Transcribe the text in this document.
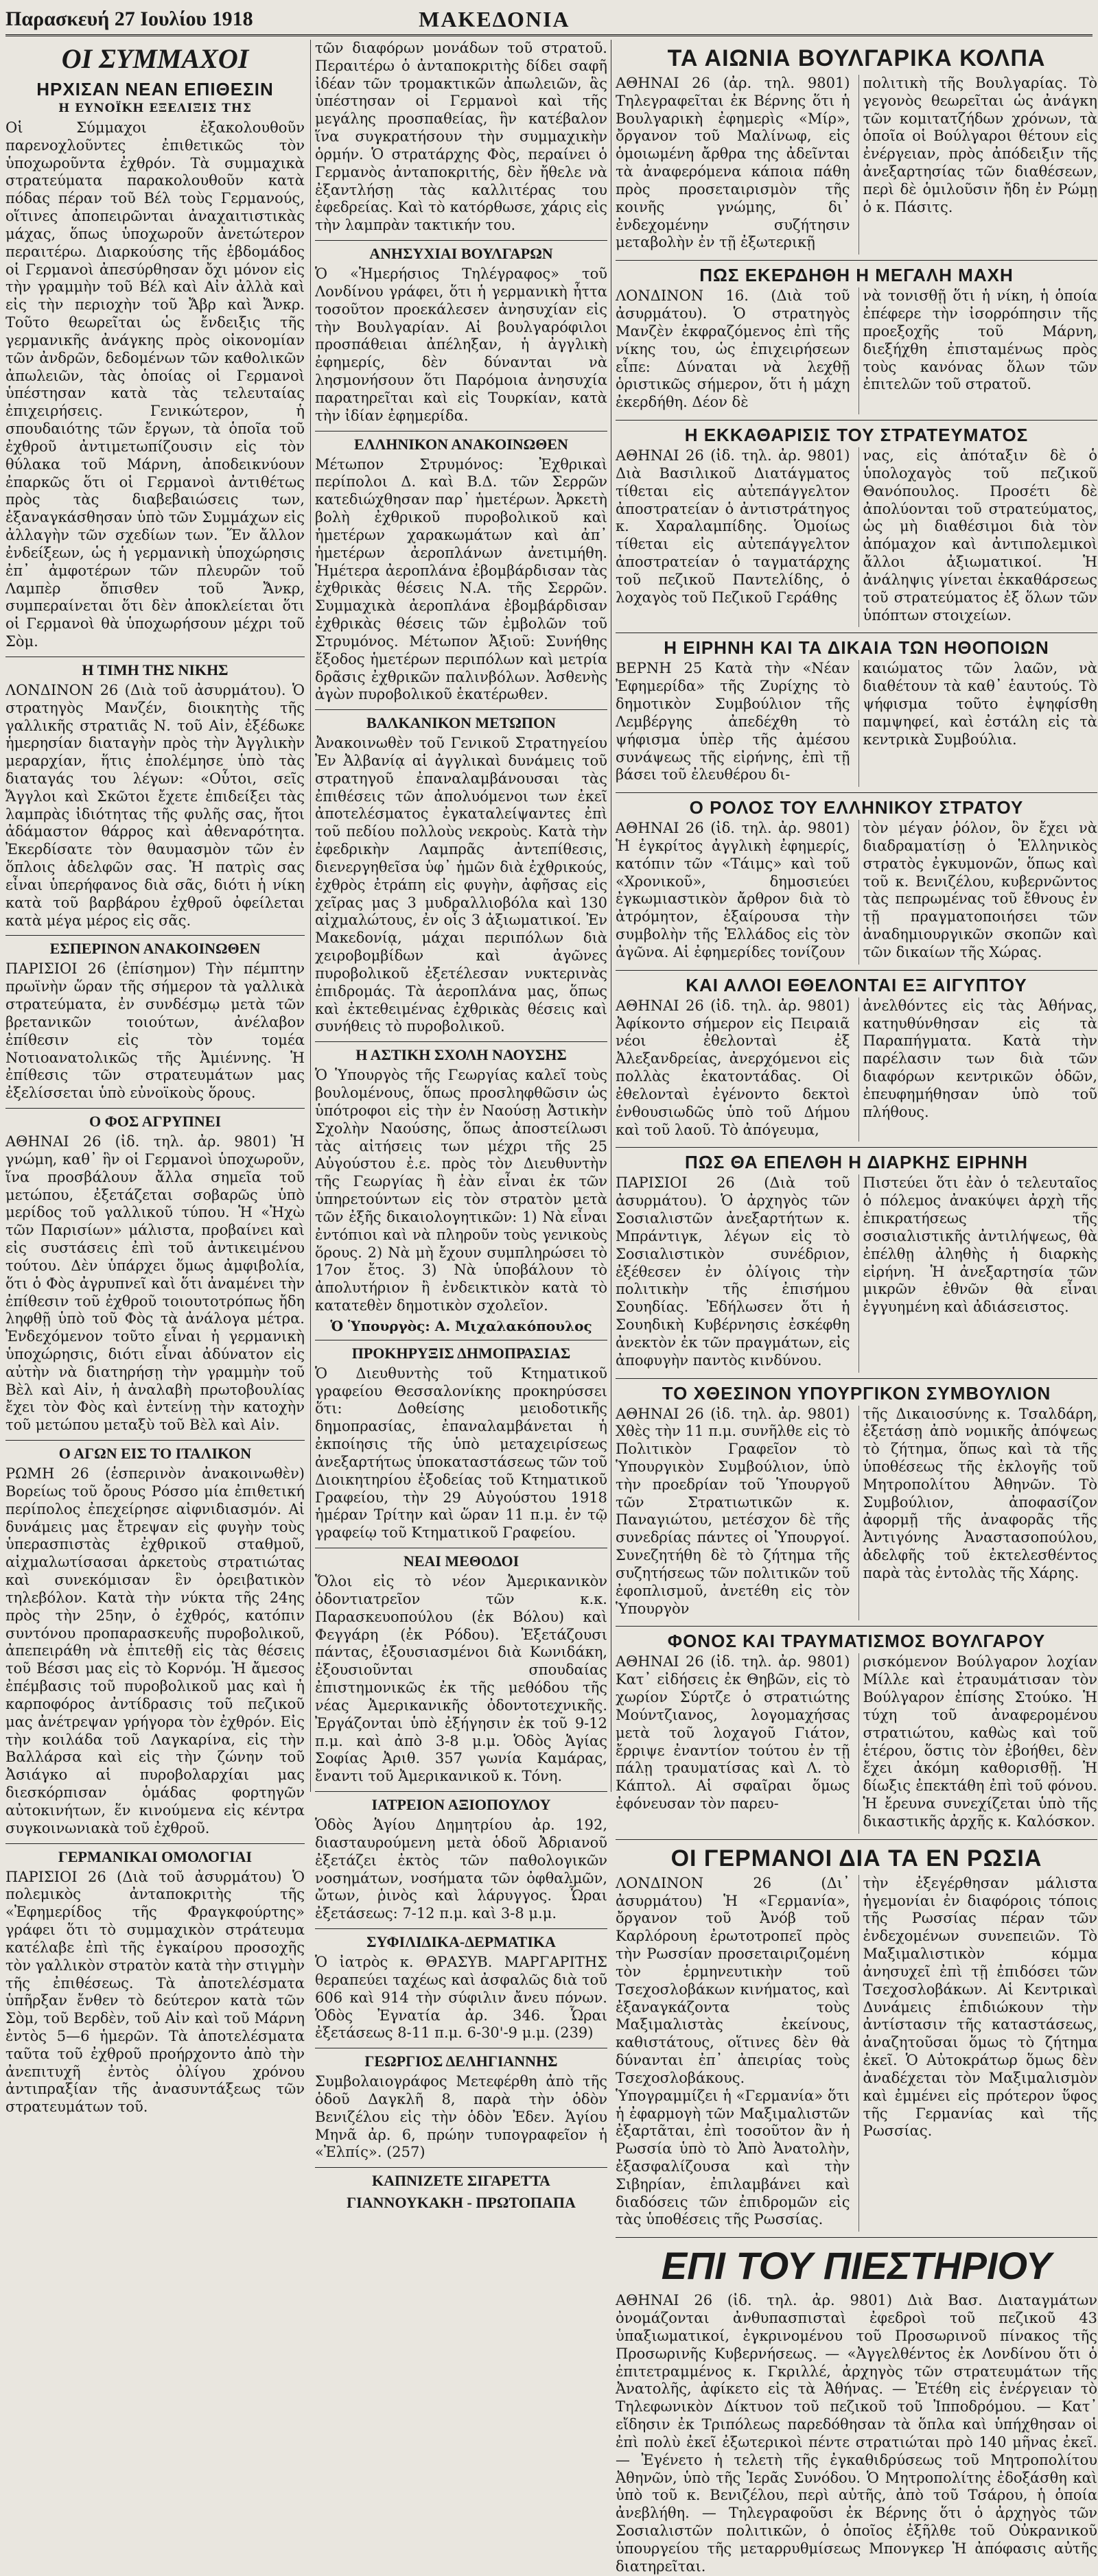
Παρασκευή 27 Ιουλίου 1918	ΜΑΚΕΔΟΝΙΑ
ΟΙ ΣΥΜΜΑΧΟΙ
ΗΡΧΙΣΑΝ ΝΕΑΝ ΕΠΙΘΕΣΙΝ
Η ΕΥΝΟΪΚΗ ΕΞΕΛΙΞΙΣ ΤΗΣ

Οἱ Σύμμαχοι ἐξακολουθοῦν παρενοχλοῦντες ἐπιθετικῶς τὸν ὑποχωροῦντα ἐχθρόν. Τὰ συμμαχικὰ στρατεύματα παρακολουθοῦν κατὰ πόδας πέραν τοῦ Βέλ τοὺς Γερμανούς, οἵτινες ἀποπειρῶνται ἀναχαιτιστικὰς μάχας, ὅπως ὑποχωροῦν ἀνετώτερον περαιτέρω. Διαρκούσης τῆς ἑβδομάδος οἱ Γερμανοὶ ἀπεσύρθησαν ὄχι μόνον εἰς τὴν γραμμὴν τοῦ Βέλ καὶ Αἰν ἀλλὰ καὶ εἰς τὴν περιοχὴν τοῦ Ἄβρ καὶ Ἄνκρ. Τοῦτο θεωρεῖται ὡς ἔνδειξις τῆς γερμανικῆς ἀνάγκης πρὸς οἰκονομίαν τῶν ἀνδρῶν, δεδομένων τῶν καθολικῶν ἀπωλειῶν, τὰς ὁποίας οἱ Γερμανοὶ ὑπέστησαν κατὰ τὰς τελευταίας ἐπιχειρήσεις. Γενικώτερον, ἡ σπουδαιότης τῶν ἔργων, τὰ ὁποῖα τοῦ ἐχθροῦ ἀντιμετωπίζουσιν εἰς τὸν θύλακα τοῦ Μάρνη, ἀποδεικνύουν ἐπαρκῶς ὅτι οἱ Γερμανοὶ ἀντιθέτως πρὸς τὰς διαβεβαιώσεις των, ἐξαναγκάσθησαν ὑπὸ τῶν Συμμάχων εἰς ἀλλαγὴν τῶν σχεδίων των. Ἕν ἄλλον ἐνδείξεων, ὡς ἡ γερμανικὴ ὑποχώρησις ἐπ᾽ ἀμφοτέρων τῶν πλευρῶν τοῦ Λαμπὲρ ὄπισθεν τοῦ Ἄνκρ, συμπεραίνεται ὅτι δὲν ἀποκλείεται ὅτι οἱ Γερμανοὶ θὰ ὑποχωρήσουν μέχρι τοῦ Σὸμ.

Η ΤΙΜΗ ΤΗΣ ΝΙΚΗΣ

ΛΟΝΔΙΝΟΝ 26 (Διὰ τοῦ ἀσυρμάτου). Ὁ στρατηγὸς Μανζέν, διοικητὴς τῆς γαλλικῆς στρατιᾶς Ν. τοῦ Αἰν, ἐξέδωκε ἡμερησίαν διαταγὴν πρὸς τὴν Ἀγγλικὴν μεραρχίαν, ἥτις ἐπολέμησε ὑπὸ τὰς διαταγάς του λέγων: «Οὗτοι, σεῖς Ἄγγλοι καὶ Σκῶτοι ἔχετε ἐπιδείξει τὰς λαμπρὰς ἰδιότητας τῆς φυλῆς σας, ἤτοι ἀδάμαστον θάρρος καὶ ἀθεναρότητα. Ἐκερδίσατε τὸν θαυμασμὸν τῶν ἐν ὅπλοις ἀδελφῶν σας. Ἡ πατρὶς σας εἶναι ὑπερήφανος διὰ σᾶς, διότι ἡ νίκη κατὰ τοῦ βαρβάρου ἐχθροῦ ὀφείλεται κατὰ μέγα μέρος εἰς σᾶς.

ΕΣΠΕΡΙΝΟΝ ΑΝΑΚΟΙΝΩΘΕΝ

ΠΑΡΙΣΙΟΙ 26 (ἐπίσημον) Τὴν πέμπτην πρωϊνὴν ὥραν τῆς σήμερον τὰ γαλλικὰ στρατεύματα, ἐν συνδέσμῳ μετὰ τῶν βρετανικῶν τοιούτων, ἀνέλαβον ἐπίθεσιν εἰς τὸν τομέα Νοτιοανατολικῶς τῆς Ἀμιέννης. Ἡ ἐπίθεσις τῶν στρατευμάτων μας ἐξελίσσεται ὑπὸ εὐνοϊκοὺς ὅρους.

Ο ΦΟΣ ΑΓΡΥΠΝΕΙ

ΑΘΗΝΑΙ 26 (ἰδ. τηλ. ἀρ. 9801) Ἡ γνώμη, καθ᾽ ἣν οἱ Γερμανοὶ ὑποχωροῦν, ἵνα προσβάλουν ἄλλα σημεῖα τοῦ μετώπου, ἐξετάζεται σοβαρῶς ὑπὸ μερίδος τοῦ γαλλικοῦ τύπου. Ἡ «Ἠχὼ τῶν Παρισίων» μάλιστα, προβαίνει καὶ εἰς συστάσεις ἐπὶ τοῦ ἀντικειμένου τούτου. Δὲν ὑπάρχει ὅμως ἀμφιβολία, ὅτι ὁ Φὸς ἀγρυπνεῖ καὶ ὅτι ἀναμένει τὴν ἐπίθεσιν τοῦ ἐχθροῦ τοιουτοτρόπως ἤδη ληφθῇ ὑπὸ τοῦ Φὸς τὰ ἀνάλογα μέτρα. Ἐνδεχόμενον τοῦτο εἶναι ἡ γερμανικὴ ὑποχώρησις, διότι εἶναι ἀδύνατον εἰς αὐτὴν νὰ διατηρήσῃ τὴν γραμμὴν τοῦ Βὲλ καὶ Αἰν, ἡ ἀναλαβὴ πρωτοβουλίας ἔχει τὸν Φὸς καὶ ἐντείνῃ τὴν κατοχὴν τοῦ μετώπου μεταξὺ τοῦ Βὲλ καὶ Αἰν.

Ο ΑΓΩΝ ΕΙΣ ΤΟ ΙΤΑΛΙΚΟΝ

ΡΩΜΗ 26 (ἑσπερινὸν ἀνακοινωθὲν) Βορείως τοῦ ὄρους Ρόσσο μία ἐπιθετική περίπολος ἐπεχείρησε αἰφνιδιασμόν. Αἱ δυνάμεις μας ἔτρεψαν εἰς φυγὴν τοὺς ὑπερασπιστὰς ἐχθρικοῦ σταθμοῦ, αἰχμαλωτίσασαι ἀρκετοὺς στρατιώτας καὶ συνεκόμισαν ἓν ὀρειβατικὸν τηλεβόλον. Κατὰ τὴν νύκτα τῆς 24ης πρὸς τὴν 25ην, ὁ ἐχθρός, κατόπιν συντόνου προπαρασκευῆς πυροβολικοῦ, ἀπεπειράθη νὰ ἐπιτεθῇ εἰς τὰς θέσεις τοῦ Βέσσι μας εἰς τὸ Κορνόμ. Ἡ ἄμεσος ἐπέμβασις τοῦ πυροβολικοῦ μας καὶ ἡ καρποφόρος ἀντίδρασις τοῦ πεζικοῦ μας ἀνέτρεψαν γρήγορα τὸν ἐχθρόν. Εἰς τὴν κοιλάδα τοῦ Λαγκαρίνα, εἰς τὴν Βαλλάρσα καὶ εἰς τὴν ζώνην τοῦ Ἀσιάγκο αἱ πυροβολαρχίαι μας διεσκόρπισαν ὁμάδας φορτηγῶν αὐτοκινήτων, ἕν κινούμενα εἰς κέντρα συγκοινωνιακὰ τοῦ ἐχθροῦ.

ΓΕΡΜΑΝΙΚΑΙ ΟΜΟΛΟΓΙΑΙ

ΠΑΡΙΣΙΟΙ 26 (Διὰ τοῦ ἀσυρμάτου) Ὁ πολεμικὸς ἀνταποκριτὴς τῆς «Ἐφημερίδος τῆς Φραγκφούρτης» γράφει ὅτι τὸ συμμαχικὸν στράτευμα κατέλαβε ἐπὶ τῆς ἐγκαίρου προσοχῆς τὸν γαλλικὸν στρατὸν κατὰ τὴν στιγμὴν τῆς ἐπιθέσεως. Τὰ ἀποτελέσματα ὑπῆρξαν ἔνθεν τὸ δεύτερον κατὰ τῶν Σὸμ, τοῦ Βερδὲν, τοῦ Αἰν καὶ τοῦ Μάρνη ἐντὸς 5—6 ἡμερῶν. Τὰ ἀποτελέσματα ταῦτα τοῦ ἐχθροῦ προήρχοντο ἀπὸ τὴν ἀνεπιτυχῆ ἐντὸς ὀλίγου χρόνου ἀντιπραξίαν τῆς ἀνασυντάξεως τῶν στρατευμάτων τοῦ.

τῶν διαφόρων μονάδων τοῦ στρατοῦ. Περαιτέρω ὁ ἀνταποκριτὴς δίδει σαφῆ ἰδέαν τῶν τρομακτικῶν ἀπωλειῶν, ἃς ὑπέστησαν οἱ Γερμανοὶ καὶ τῆς μεγάλης προσπαθείας, ἣν κατέβαλον ἵνα συγκρατήσουν τὴν συμμαχικὴν ὁρμήν. Ὁ στρατάρχης Φὸς, περαίνει ὁ Γερμανὸς ἀνταποκριτής, δὲν ἤθελε νὰ ἐξαντλήσῃ τὰς καλλιτέρας του ἐφεδρείας. Καὶ τὸ κατόρθωσε, χάρις εἰς τὴν λαμπρὰν τακτικήν του.

ΑΝΗΣΥΧΙΑΙ ΒΟΥΛΓΑΡΩΝ

Ὁ «Ἡμερήσιος Τηλέγραφος» τοῦ Λονδίνου γράφει, ὅτι ἡ γερμανικὴ ἧττα τοσοῦτον προεκάλεσεν ἀνησυχίαν εἰς τὴν Βουλγαρίαν. Αἱ βουλγαρόφιλοι προσπάθειαι ἀπέληξαν, ἡ ἀγγλικὴ ἐφημερίς, δὲν δύνανται νὰ λησμονήσουν ὅτι Παρόμοια ἀνησυχία παρατηρεῖται καὶ εἰς Τουρκίαν, κατὰ τὴν ἰδίαν ἐφημερίδα.

ΕΛΛΗΝΙΚΟΝ ΑΝΑΚΟΙΝΩΘΕΝ

Μέτωπον Στρυμόνος: Ἐχθρικαὶ περίπολοι Δ. καὶ Β.Δ. τῶν Σερρῶν κατεδιώχθησαν παρ᾽ ἡμετέρων. Ἀρκετὴ βολὴ ἐχθρικοῦ πυροβολικοῦ καὶ ἡμετέρων χαρακωμάτων καὶ ἀπ᾽ ἡμετέρων ἀεροπλάνων ἀνετιμήθη. Ἡμέτερα ἀεροπλάνα ἐβομβάρδισαν τὰς ἐχθρικὰς θέσεις Ν.Α. τῆς Σερρῶν. Συμμαχικὰ ἀεροπλάνα ἐβομβάρδισαν ἐχθρικὰς θέσεις τῶν ἐμβολῶν τοῦ Στρυμόνος. Μέτωπον Ἀξιοῦ: Συνήθης ἔξοδος ἡμετέρων περιπόλων καὶ μετρία δρᾶσις ἐχθρικῶν παλινβόλων. Ἀσθενὴς ἀγὼν πυροβολικοῦ ἑκατέρωθεν.

ΒΑΛΚΑΝΙΚΟΝ ΜΕΤΩΠΟΝ

Ἀνακοινωθὲν τοῦ Γενικοῦ Στρατηγείου Ἐν Ἀλβανίᾳ αἱ ἀγγλικαὶ δυνάμεις τοῦ στρατηγοῦ ἐπαναλαμβάνουσαι τὰς ἐπιθέσεις τῶν ἀπολυόμενοι των ἐκεῖ ἀποτελέσματος ἐγκαταλείψαντες ἐπὶ τοῦ πεδίου πολλοὺς νεκροὺς. Κατὰ τὴν ἐφεδρικὴν Λαμπρᾶς ἀντεπίθεσις, διενεργηθεῖσα ὑφ᾽ ἡμῶν διὰ ἐχθρικούς, ἐχθρὸς ἐτράπη εἰς φυγὴν, ἀφῆσας εἰς χεῖρας μας 3 μυδραλλιοβόλα καὶ 130 αἰχμαλώτους, ἐν οἷς 3 ἀξιωματικοί. Ἐν Μακεδονίᾳ, μάχαι περιπόλων διὰ χειροβομβίδων καὶ ἀγῶνες πυροβολικοῦ ἐξετέλεσαν νυκτερινὰς ἐπιδρομάς. Τὰ ἀεροπλάνα μας, ὅπως καὶ ἐκτεθειμένας ἐχθρικὰς θέσεις καὶ συνήθεις τὸ πυροβολικοῦ.

Η ΑΣΤΙΚΗ ΣΧΟΛΗ ΝΑΟΥΣΗΣ

Ὁ Ὑπουργὸς τῆς Γεωργίας καλεῖ τοὺς βουλομένους, ὅπως προσληφθῶσιν ὡς ὑπότροφοι εἰς τὴν ἐν Ναούσῃ Ἀστικὴν Σχολὴν Ναούσης, ὅπως ἀποστείλωσι τὰς αἰτήσεις των μέχρι τῆς 25 Αὐγούστου ἐ.ε. πρὸς τὸν Διευθυντὴν τῆς Γεωργίας ἢ ἐὰν εἶναι ἐκ τῶν ὑπηρετούντων εἰς τὸν στρατὸν μετὰ τῶν ἐξῆς δικαιολογητικῶν: 1) Νὰ εἶναι ἐντόπιοι καὶ νὰ πληροῦν τοὺς γενικοὺς ὅρους. 2) Νὰ μὴ ἔχουν συμπληρώσει τὸ 17ον ἔτος. 3) Νὰ ὑποβάλουν τὸ ἀπολυτήριον ἢ ἐνδεικτικὸν κατὰ τὸ κατατεθὲν δημοτικὸν σχολεῖον.

Ὁ Ὑπουργὸς: Α. Μιχαλακόπουλος
ΠΡΟΚΗΡΥΞΙΣ ΔΗΜΟΠΡΑΣΙΑΣ

Ὁ Διευθυντὴς τοῦ Κτηματικοῦ γραφείου Θεσσαλονίκης προκηρύσσει ὅτι: Δοθείσης μειοδοτικῆς δημοπρασίας, ἐπαναλαμβάνεται ἡ ἐκποίησις τῆς ὑπὸ μεταχειρίσεως ἀνεξαρτήτως ὑποκαταστάσεως τῶν τοῦ Διοικητηρίου ἐξοδείας τοῦ Κτηματικοῦ Γραφείου, τὴν 29 Αὐγούστου 1918 ἡμέραν Τρίτην καὶ ὥραν 11 π.μ. ἐν τῷ γραφείῳ τοῦ Κτηματικοῦ Γραφείου.

ΝΕΑΙ ΜΕΘΟΔΟΙ

Ὅλοι εἰς τὸ νέον Ἀμερικανικὸν ὀδοντιατρεῖον τῶν κ.κ. Παρασκευοπούλου (ἐκ Βόλου) καὶ Φεγγάρη (ἐκ Ρόδου). Ἐξετάζουσι πάντας, ἐξουσιασμένοι διὰ Κωνιδάκη, ἐξουσιοῦνται σπουδαίας ἐπιστημονικῶς ἐκ τῆς μεθόδου τῆς νέας Ἀμερικανικῆς ὀδοντοτεχνικῆς. Ἐργάζονται ὑπὸ ἐξήγησιν ἐκ τοῦ 9-12 π.μ. καὶ ἀπὸ 3-8 μ.μ. Ὁδὸς Ἁγίας Σοφίας Ἀριθ. 357 γωνία Καμάρας, ἔναντι τοῦ Ἀμερικανικοῦ κ. Τόνη.

ΙΑΤΡΕΙΟΝ ΑΞΙΟΠΟΥΛΟΥ

Ὁδὸς Ἁγίου Δημητρίου ἀρ. 192, διασταυρούμενη μετὰ ὁδοῦ Ἀδριανοῦ ἐξετάζει ἐκτὸς τῶν παθολογικῶν νοσημάτων, νοσήματα τῶν ὀφθαλμῶν, ὤτων, ῥινὸς καὶ λάρυγγος. Ὧραι ἐξετάσεως: 7-12 π.μ. καὶ 3-8 μ.μ.

ΣΥΦΙΛΙΔΙΚΑ-ΔΕΡΜΑΤΙΚΑ

Ὁ ἰατρὸς κ. ΘΡΑΣΥΒ. ΜΑΡΓΑΡΙΤΗΣ θεραπεύει ταχέως καὶ ἀσφαλῶς διὰ τοῦ 606 καὶ 914 τὴν σύφιλιν ἄνευ πόνων. Ὁδὸς Ἐγνατία ἀρ. 346. Ὧραι ἐξετάσεως 8-11 π.μ. 6-30'-9 μ.μ. (239)

ΓΕΩΡΓΙΟΣ ΔΕΛΗΓΙΑΝΝΗΣ

Συμβολαιογράφος Μετεφέρθη ἀπὸ τῆς ὁδοῦ Δαγκλῆ 8, παρὰ τὴν ὁδὸν Βενιζέλου εἰς τὴν ὁδὸν Ἐδεν. Ἁγίου Μηνᾶ ἀρ. 6, πρώην τυπογραφεῖον ἡ «Ἐλπίς». (257)

ΚΑΠΝΙΖΕΤΕ ΣΙΓΑΡΕΤΤΑ
ΓΙΑΝΝΟΥΚΑΚΗ - ΠΡΩΤΟΠΑΠΑ
ΤΑ ΑΙΩΝΙΑ ΒΟΥΛΓΑΡΙΚΑ ΚΟΛΠΑ

ΑΘΗΝΑΙ 26 (ἀρ. τηλ. 9801) Τηλεγραφεῖται ἐκ Βέρνης ὅτι ἡ Βουλγαρικὴ ἐφημερὶς «Μίρ», ὄργανον τοῦ Μαλίνωφ, εἰς ὁμοιωμένη ἄρθρα της ἀδεῖνται τὰ ἀναφερόμενα κάποια πάθη πρὸς προσεταιρισμὸν τῆς κοινῆς γνώμης, δι᾽ ἐνδεχομένην συζήτησιν μεταβολὴν ἐν τῇ ἐξωτερικῇ

πολιτικὴ τῆς Βουλγαρίας. Τὸ γεγονὸς θεωρεῖται ὡς ἀνάγκη τῶν κομιτατζήδων χρόνων, τὰ ὁποῖα οἱ Βούλγαροι θέτουν εἰς ἐνέργειαν, πρὸς ἀπόδειξιν τῆς ἀνεξαρτησίας τῶν διαθέσεων, περὶ δὲ ὁμιλοῦσιν ἤδη ἐν Ρώμῃ ὁ κ. Πάσιτς.

ΠΩΣ ΕΚΕΡΔΗΘΗ Η ΜΕΓΑΛΗ ΜΑΧΗ

ΛΟΝΔΙΝΟΝ 16. (Διὰ τοῦ ἀσυρμάτου). Ὁ στρατηγὸς Μανζὲν ἐκφραζόμενος ἐπὶ τῆς νίκης του, ὡς ἐπιχειρήσεων εἶπε: Δύναται νὰ λεχθῇ ὁριστικῶς σήμερον, ὅτι ἡ μάχη ἐκερδήθη. Δέον δὲ

νὰ τονισθῇ ὅτι ἡ νίκη, ἡ ὁποία ἐπέφερε τὴν ἰσορρόπησιν τῆς προεξοχῆς τοῦ Μάρνη, διεξήχθη ἐπισταμένως πρὸς τοὺς κανόνας ὅλων τῶν ἐπιτελῶν τοῦ στρατοῦ.

Η ΕΚΚΑΘΑΡΙΣΙΣ ΤΟΥ ΣΤΡΑΤΕΥΜΑΤΟΣ

ΑΘΗΝΑΙ 26 (ἰδ. τηλ. ἀρ. 9801) Διὰ Βασιλικοῦ Διατάγματος τίθεται εἰς αὐτεπάγγελτον ἀποστρατείαν ὁ ἀντιστράτηγος κ. Χαραλαμπίδης. Ὁμοίως τίθεται εἰς αὐτεπάγγελτον ἀποστρατείαν ὁ ταγματάρχης τοῦ πεζικοῦ Παντελίδης, ὁ λοχαγὸς τοῦ Πεζικοῦ Γεράθης

νας, εἰς ἀπόταξιν δὲ ὁ ὑπολοχαγὸς τοῦ πεζικοῦ Θανόπουλος. Προσέτι δὲ ἀπολύονται τοῦ στρατεύματος, ὡς μὴ διαθέσιμοι διὰ τὸν ἀπόμαχον καὶ ἀντιπολεμικοὶ ἄλλοι ἀξιωματικοί. Ἡ ἀνάληψις γίνεται ἐκκαθάρσεως τοῦ στρατεύματος ἐξ ὅλων τῶν ὑπόπτων στοιχείων.

Η ΕΙΡΗΝΗ ΚΑΙ ΤΑ ΔΙΚΑΙΑ ΤΩΝ ΗΘΟΠΟΙΩΝ

ΒΕΡΝΗ 25 Κατὰ τὴν «Νέαν Ἐφημερίδα» τῆς Ζυρίχης τὸ δημοτικὸν Συμβούλιον τῆς Λεμβέργης ἀπεδέχθη τὸ ψήφισμα ὑπὲρ τῆς ἀμέσου συνάψεως τῆς εἰρήνης, ἐπὶ τῇ βάσει τοῦ ἐλευθέρου δι-

καιώματος τῶν λαῶν, νὰ διαθέτουν τὰ καθ᾽ ἑαυτούς. Τὸ ψήφισμα τοῦτο ἐψηφίσθη παμψηφεί, καὶ ἐστάλη εἰς τὰ κεντρικὰ Συμβούλια.

Ο ΡΟΛΟΣ ΤΟΥ ΕΛΛΗΝΙΚΟΥ ΣΤΡΑΤΟΥ

ΑΘΗΝΑΙ 26 (ἰδ. τηλ. ἀρ. 9801) Ἡ ἐγκρίτος ἀγγλικὴ ἐφημερίς, κατόπιν τῶν «Τάιμς» καὶ τοῦ «Χρονικοῦ», δημοσιεύει ἐγκωμιαστικὸν ἄρθρον διὰ τὸ ἀτρόμητον, ἐξαίρουσα τὴν συμβολὴν τῆς Ἑλλάδος εἰς τὸν ἀγῶνα. Αἱ ἐφημερίδες τονίζουν

τὸν μέγαν ῥόλον, ὃν ἔχει νὰ διαδραματίσῃ ὁ Ἑλληνικὸς στρατὸς ἐγκυμονῶν, ὅπως καὶ τοῦ κ. Βενιζέλου, κυβερνῶντος τὰς πεπρωμένας τοῦ ἔθνους ἐν τῇ πραγματοποιήσει τῶν ἀναδημιουργικῶν σκοπῶν καὶ τῶν δικαίων τῆς Χώρας.

ΚΑΙ ΑΛΛΟΙ ΕΘΕΛΟΝΤΑΙ ΕΞ ΑΙΓΥΠΤΟΥ

ΑΘΗΝΑΙ 26 (ἰδ. τηλ. ἀρ. 9801) Ἀφίκοντο σήμερον εἰς Πειραιᾶ νέοι ἐθελονταὶ ἐξ Ἀλεξανδρείας, ἀνερχόμενοι εἰς πολλὰς ἑκατοντάδας. Οἱ ἐθελονταὶ ἐγένοντο δεκτοὶ ἐνθουσιωδῶς ὑπὸ τοῦ Δήμου καὶ τοῦ λαοῦ. Τὸ ἀπόγευμα,

ἀνελθόντες εἰς τὰς Ἀθήνας, κατηυθύνθησαν εἰς τὰ Παραπήγματα. Κατὰ τὴν παρέλασιν των διὰ τῶν διαφόρων κεντρικῶν ὁδῶν, ἐπευφημήθησαν ὑπὸ τοῦ πλήθους.

ΠΩΣ ΘΑ ΕΠΕΛΘΗ Η ΔΙΑΡΚΗΣ ΕΙΡΗΝΗ

ΠΑΡΙΣΙΟΙ 26 (Διὰ τοῦ ἀσυρμάτου). Ὁ ἀρχηγὸς τῶν Σοσιαλιστῶν ἀνεξαρτήτων κ. Μπράντιγκ, λέγων εἰς τὸ Σοσιαλιστικὸν συνέδριον, ἐξέθεσεν ἐν ὀλίγοις τὴν πολιτικὴν τῆς ἐπισήμου Σουηδίας. Ἐδήλωσεν ὅτι ἡ Σουηδικὴ Κυβέρνησις ἐσκέφθη ἀνεκτὸν ἐκ τῶν πραγμάτων, εἰς ἀποφυγὴν παντὸς κινδύνου.

Πιστεύει ὅτι ἐὰν ὁ τελευταῖος ὁ πόλεμος ἀνακύψει ἀρχὴ τῆς ἐπικρατήσεως τῆς σοσιαλιστικῆς ἀντιλήψεως, θὰ ἐπέλθῃ ἀληθὴς ἡ διαρκὴς εἰρήνη. Ἡ ἀνεξαρτησία τῶν μικρῶν ἐθνῶν θὰ εἶναι ἐγγυημένη καὶ ἀδιάσειστος.

ΤΟ ΧΘΕΣΙΝΟΝ ΥΠΟΥΡΓΙΚΟΝ ΣΥΜΒΟΥΛΙΟΝ

ΑΘΗΝΑΙ 26 (ἰδ. τηλ. ἀρ. 9801) Χθὲς τὴν 11 π.μ. συνῆλθε εἰς τὸ Πολιτικὸν Γραφεῖον τὸ Ὑπουργικὸν Συμβούλιον, ὑπὸ τὴν προεδρίαν τοῦ Ὑπουργοῦ τῶν Στρατιωτικῶν κ. Παναγιώτου, μετέσχον δὲ τῆς συνεδρίας πάντες οἱ Ὑπουργοί. Συνεζητήθη δὲ τὸ ζήτημα τῆς συζητήσεως τῶν πολιτικῶν τοῦ ἐφοπλισμοῦ, ἀνετέθη εἰς τὸν Ὑπουργὸν

τῆς Δικαιοσύνης κ. Τσαλδάρη, ἐξετάσῃ ἀπὸ νομικῆς ἀπόψεως τὸ ζήτημα, ὅπως καὶ τὰ τῆς ὑποθέσεως τῆς ἐκλογῆς τοῦ Μητροπολίτου Ἀθηνῶν. Τὸ Συμβούλιον, ἀποφασίζον ἀφορμῇ τῆς ἀναφορᾶς τῆς Ἀντιγόνης Ἀναστασοπούλου, ἀδελφῆς τοῦ ἐκτελεσθέντος παρὰ τὰς ἐντολὰς τῆς Χάρης.

ΦΟΝΟΣ ΚΑΙ ΤΡΑΥΜΑΤΙΣΜΟΣ ΒΟΥΛΓΑΡΟΥ

ΑΘΗΝΑΙ 26 (ἰδ. τηλ. ἀρ. 9801) Κατ᾽ εἰδήσεις ἐκ Θηβῶν, εἰς τὸ χωρίον Σύρτζε ὁ στρατιώτης Μούντζιανος, λογομαχήσας μετὰ τοῦ λοχαγοῦ Γιάτον, ἔρριψε ἐναντίον τούτου ἐν τῇ πάλῃ τραυματίσας καὶ Λ. τὸ Κάπτολ. Αἱ σφαῖραι ὅμως ἐφόνευσαν τὸν παρευ-

ρισκόμενον Βούλγαρον λοχίαν Μίλλε καὶ ἐτραυμάτισαν τὸν Βούλγαρον ἐπίσης Στούκο. Ἡ τύχη τοῦ ἀναφερομένου στρατιώτου, καθὼς καὶ τοῦ ἑτέρου, ὅστις τὸν ἐβοήθει, δὲν ἔχει ἀκόμη καθορισθῇ. Ἡ δίωξις ἐπεκτάθη ἐπὶ τοῦ φόνου. Ἡ ἔρευνα συνεχίζεται ὑπὸ τῆς δικαστικῆς ἀρχῆς κ. Καλόσκον.

ΟΙ ΓΕΡΜΑΝΟΙ ΔΙΑ ΤΑ ΕΝ ΡΩΣΙΑ

ΛΟΝΔΙΝΟΝ 26 (Δι᾽ ἀσυρμάτου) Ἡ «Γερμανία», ὄργανον τοῦ Ἀνόβ τοῦ Καρλόρουη ἐρωτοτροπεῖ πρὸς τὴν Ρωσσίαν προσεταιριζομένη τὸν ἑρμηνευτικὴν τοῦ Τσεχοσλοβάκων κινήματος, καὶ ἐξαναγκάζοντα τοὺς Μαξιμαλιστὰς ἐκείνους, καθιστάτους, οἵτινες δὲν θὰ δύνανται ἐπ᾽ ἀπειρίας τοὺς Τσεχοσλοβάκους. Ὑπογραμμίζει ἡ «Γερμανία» ὅτι ἡ ἐφαρμογὴ τῶν Μαξιμαλιστῶν ἐξαρτᾶται, ἐπὶ τοσοῦτον ἂν ἡ Ρωσσία ὑπὸ τὸ Ἀπὸ Ἀνατολὴν, ἐξασφαλίζουσα καὶ τὴν Σιβηρίαν, ἐπιλαμβάνει καὶ διαδόσεις τῶν ἐπιδρομῶν εἰς τὰς ὑποθέσεις τῆς Ρωσσίας.

τὴν ἐξεγέρθησαν μάλιστα ἡγεμονίαι ἐν διαφόροις τόποις τῆς Ρωσσίας πέραν τῶν ἐνδεχομένων συνεπειῶν. Τὸ Μαξιμαλιστικὸν κόμμα ἀνησυχεῖ ἐπὶ τῇ ἐπιδόσει τῶν Τσεχοσλοβάκων. Αἱ Κεντρικαὶ Δυνάμεις ἐπιδιώκουν τὴν ἀντίστασιν τῆς καταστάσεως, ἀναζητοῦσαι ὅμως τὸ ζήτημα ἐκεῖ. Ὁ Αὐτοκράτωρ ὅμως δὲν ἀναδέχεται τὸν Μαξιμαλισμὸν καὶ ἐμμένει εἰς πρότερον ὕφος τῆς Γερμανίας καὶ τῆς Ρωσσίας.

ΕΠΙ ΤΟΥ ΠΙΕΣΤΗΡΙΟΥ

ΑΘΗΝΑΙ 26 (ἰδ. τηλ. ἀρ. 9801) Διὰ Βασ. Διαταγμάτων ὀνομάζονται ἀνθυπασπισταὶ ἐφεδροὶ τοῦ πεζικοῦ 43 ὑπαξιωματικοί, ἐγκρινομένου τοῦ Προσωρινοῦ πίνακος τῆς Προσωρινῆς Κυβερνήσεως. — «Ἀγγελθέντος ἐκ Λονδίνου ὅτι ὁ ἐπιτετραμμένος κ. Γκριλλέ, ἀρχηγὸς τῶν στρατευμάτων τῆς Ἀνατολῆς, ἀφίκετο εἰς τὰ Ἀθήνας. — Ἐτέθη εἰς ἐνέργειαν τὸ Τηλεφωνικὸν Δίκτυον τοῦ πεζικοῦ τοῦ Ἰπποδρόμου. — Κατ᾽ εἴδησιν ἐκ Τριπόλεως παρεδόθησαν τὰ ὅπλα καὶ ὑπήχθησαν οἱ ἐπὶ πολὺ ἐκεῖ ἐξωτερικοὶ πέντε στρατιώται πρὸ 140 μῆνας ἐκεῖ. — Ἐγένετο ἡ τελετὴ τῆς ἐγκαθιδρύσεως τοῦ Μητροπολίτου Ἀθηνῶν, ὑπὸ τῆς Ἱερᾶς Συνόδου. Ὁ Μητροπολίτης ἐδοξάσθη καὶ ὑπὸ τοῦ κ. Βενιζέλου, περὶ αὐτῆς, ἀπὸ τοῦ Τσάρου, ἡ ὁποία ἀνεβλήθη. — Τηλεγραφοῦσι ἐκ Βέρνης ὅτι ὁ ἀρχηγὸς τῶν Σοσιαλιστῶν πολιτικῶν, ὁ ὁποῖος ἐξῆλθε τοῦ Οὐκρανικοῦ ὑπουργείου τῆς μεταρρυθμίσεως Μπονγκερ Ἡ ἀπόφασις αὐτῆς διατηρεῖται.
